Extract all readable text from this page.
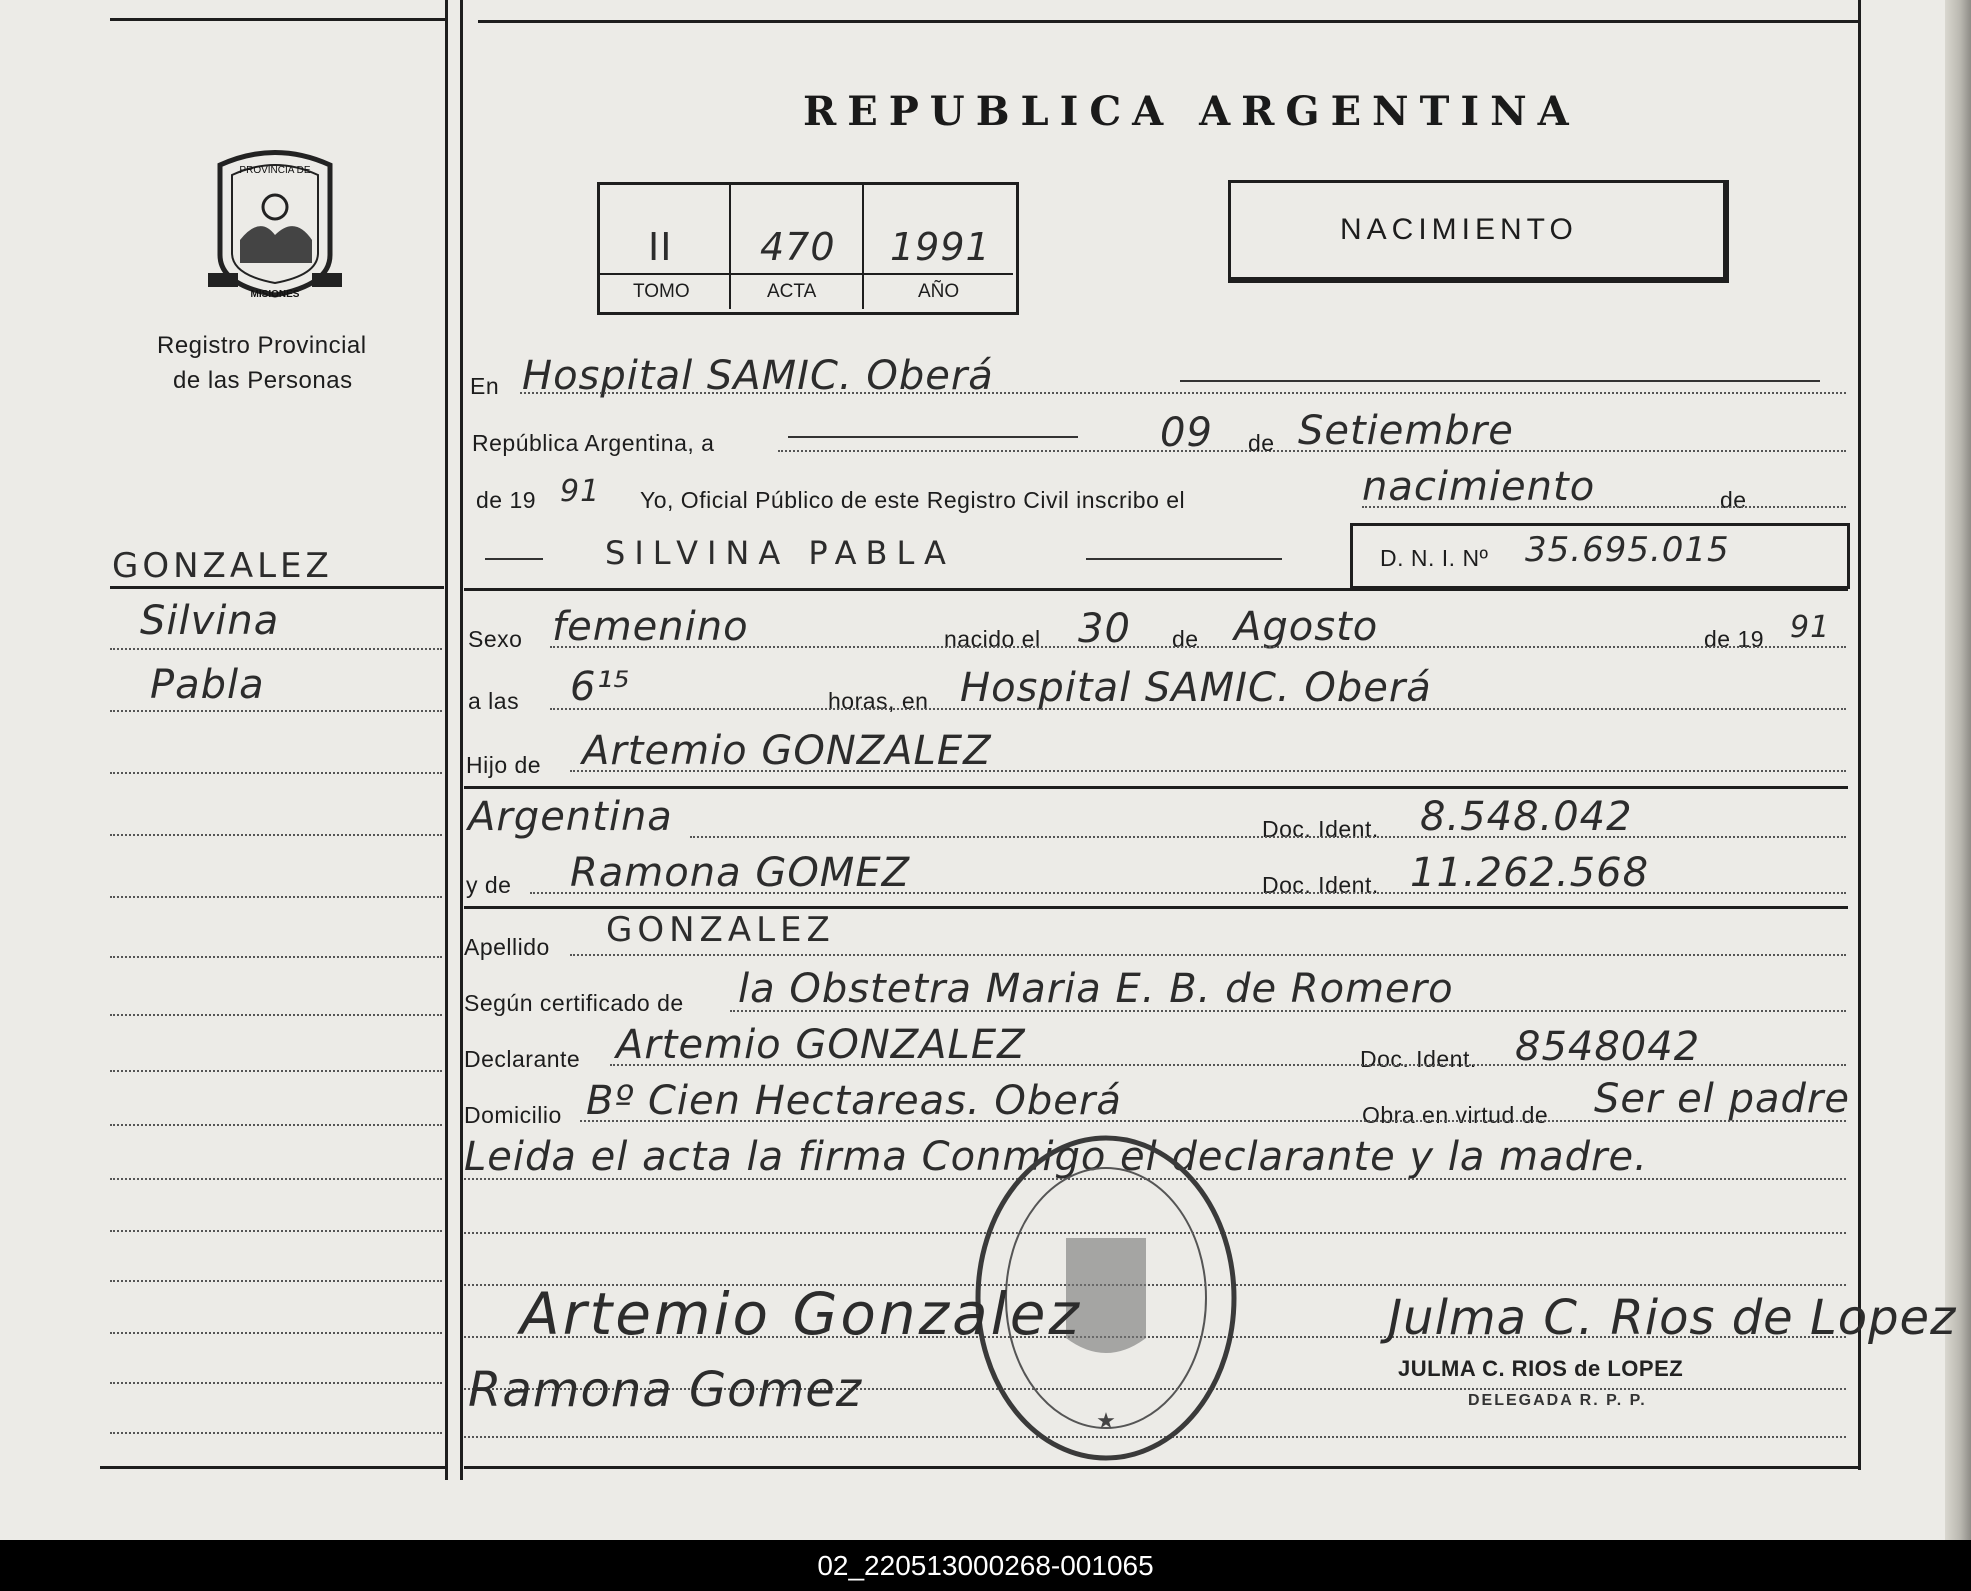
PROVINCIA DE
MISIONES
Registro Provincial
de las Personas
GONZALEZ
Silvina
Pabla
REPUBLICA ARGENTINA
II 470 1991
TOMO	ACTA	AÑO
NACIMIENTO
En Hospital SAMIC. Oberá
República Argentina, a	09 de Setiembre
de 19 91 Yo, Oficial Público de este Registro Civil inscribo el	nacimiento	de
SILVINA PABLA	D. N. I. Nº 35.695.015
Sexo femenino	nacido el 30 de Agosto	de 19 91
a las 6¹⁵	horas, en Hospital SAMIC. Oberá
Hijo de Artemio GONZALEZ
Argentina	Doc. Ident. 8.548.042
y de Ramona GOMEZ	Doc. Ident. 11.262.568
Apellido GONZALEZ
Según certificado de la Obstetra Maria E. B. de Romero
Declarante Artemio GONZALEZ	Doc. Ident. 8548042
Domicilio Bº Cien Hectareas. Oberá	Obra en virtud de Ser el padre
Leida el acta la firma Conmigo el declarante y la madre.
★
Artemio Gonzalez
Ramona Gomez
Julma C. Rios de Lopez
JULMA C. RIOS de LOPEZ
DELEGADA R. P. P.
02_220513000268-001065
